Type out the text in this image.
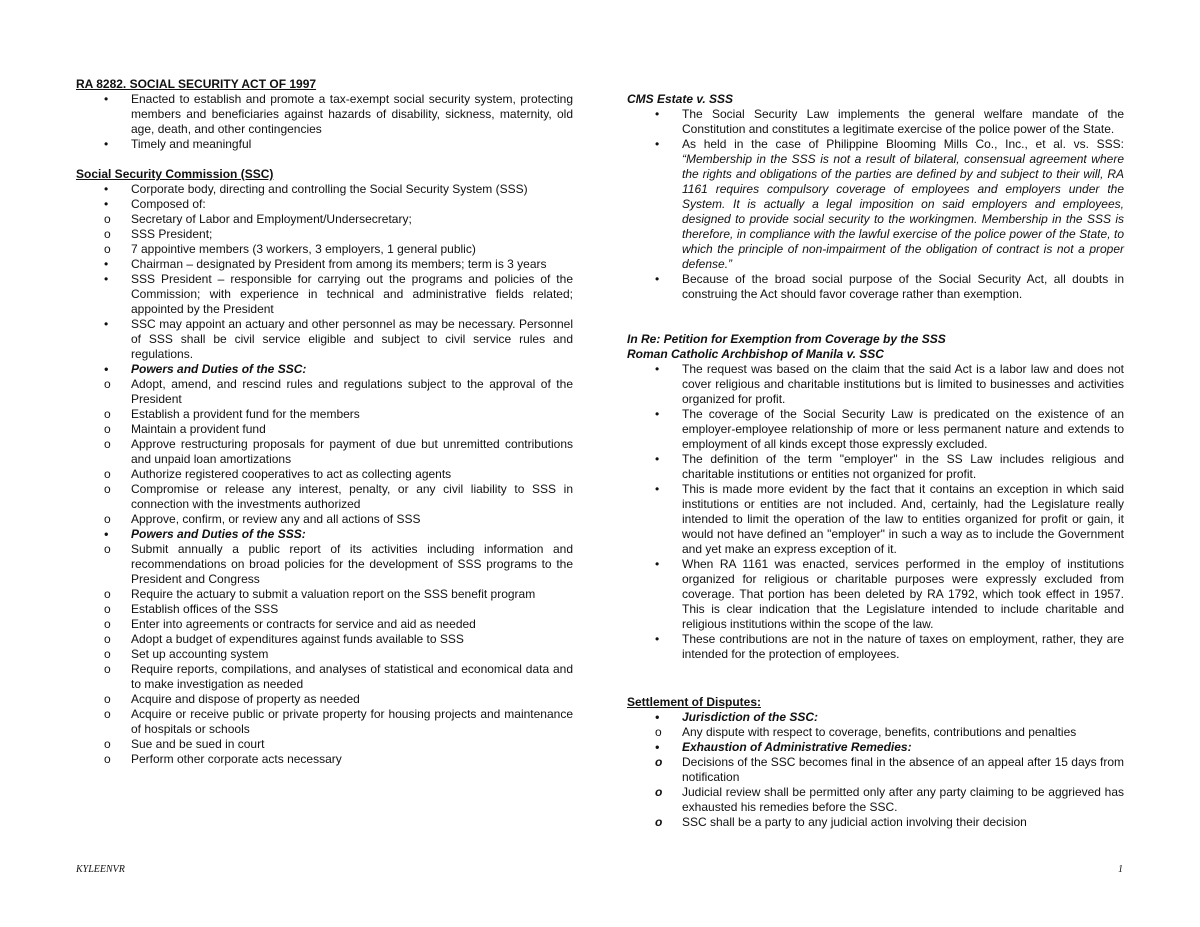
RA 8282. SOCIAL SECURITY ACT OF 1997
• Enacted to establish and promote a tax-exempt social security system, protecting members and beneficiaries against hazards of disability, sickness, maternity, old age, death, and other contingencies
• Timely and meaningful
Social Security Commission (SSC)
• Corporate body, directing and controlling the Social Security System (SSS)
• Composed of:
o Secretary of Labor and Employment/Undersecretary;
o SSS President;
o 7 appointive members (3 workers, 3 employers, 1 general public)
• Chairman – designated by President from among its members; term is 3 years
• SSS President – responsible for carrying out the programs and policies of the Commission; with experience in technical and administrative fields related; appointed by the President
• SSC may appoint an actuary and other personnel as may be necessary. Personnel of SSS shall be civil service eligible and subject to civil service rules and regulations.
• Powers and Duties of the SSC:
o Adopt, amend, and rescind rules and regulations subject to the approval of the President
o Establish a provident fund for the members
o Maintain a provident fund
o Approve restructuring proposals for payment of due but unremitted contributions and unpaid loan amortizations
o Authorize registered cooperatives to act as collecting agents
o Compromise or release any interest, penalty, or any civil liability to SSS in connection with the investments authorized
o Approve, confirm, or review any and all actions of SSS
• Powers and Duties of the SSS:
o Submit annually a public report of its activities including information and recommendations on broad policies for the development of SSS programs to the President and Congress
o Require the actuary to submit a valuation report on the SSS benefit program
o Establish offices of the SSS
o Enter into agreements or contracts for service and aid as needed
o Adopt a budget of expenditures against funds available to SSS
o Set up accounting system
o Require reports, compilations, and analyses of statistical and economical data and to make investigation as needed
o Acquire and dispose of property as needed
o Acquire or receive public or private property for housing projects and maintenance of hospitals or schools
o Sue and be sued in court
o Perform other corporate acts necessary
CMS Estate v. SSS
• The Social Security Law implements the general welfare mandate of the Constitution and constitutes a legitimate exercise of the police power of the State.
• As held in the case of Philippine Blooming Mills Co., Inc., et al. vs. SSS: “Membership in the SSS is not a result of bilateral, consensual agreement where the rights and obligations of the parties are defined by and subject to their will, RA 1161 requires compulsory coverage of employees and employers under the System. It is actually a legal imposition on said employers and employees, designed to provide social security to the workingmen. Membership in the SSS is therefore, in compliance with the lawful exercise of the police power of the State, to which the principle of non-impairment of the obligation of contract is not a proper defense.”
• Because of the broad social purpose of the Social Security Act, all doubts in construing the Act should favor coverage rather than exemption.
In Re: Petition for Exemption from Coverage by the SSS
Roman Catholic Archbishop of Manila v. SSC
• The request was based on the claim that the said Act is a labor law and does not cover religious and charitable institutions but is limited to businesses and activities organized for profit.
• The coverage of the Social Security Law is predicated on the existence of an employer-employee relationship of more or less permanent nature and extends to employment of all kinds except those expressly excluded.
• The definition of the term "employer" in the SS Law includes religious and charitable institutions or entities not organized for profit.
• This is made more evident by the fact that it contains an exception in which said institutions or entities are not included. And, certainly, had the Legislature really intended to limit the operation of the law to entities organized for profit or gain, it would not have defined an "employer" in such a way as to include the Government and yet make an express exception of it.
• When RA 1161 was enacted, services performed in the employ of institutions organized for religious or charitable purposes were expressly excluded from coverage. That portion has been deleted by RA 1792, which took effect in 1957. This is clear indication that the Legislature intended to include charitable and religious institutions within the scope of the law.
• These contributions are not in the nature of taxes on employment, rather, they are intended for the protection of employees.
Settlement of Disputes:
• Jurisdiction of the SSC:
o Any dispute with respect to coverage, benefits, contributions and penalties
• Exhaustion of Administrative Remedies:
o Decisions of the SSC becomes final in the absence of an appeal after 15 days from notification
o Judicial review shall be permitted only after any party claiming to be aggrieved has exhausted his remedies before the SSC.
o SSC shall be a party to any judicial action involving their decision
KYLEENVR	1
